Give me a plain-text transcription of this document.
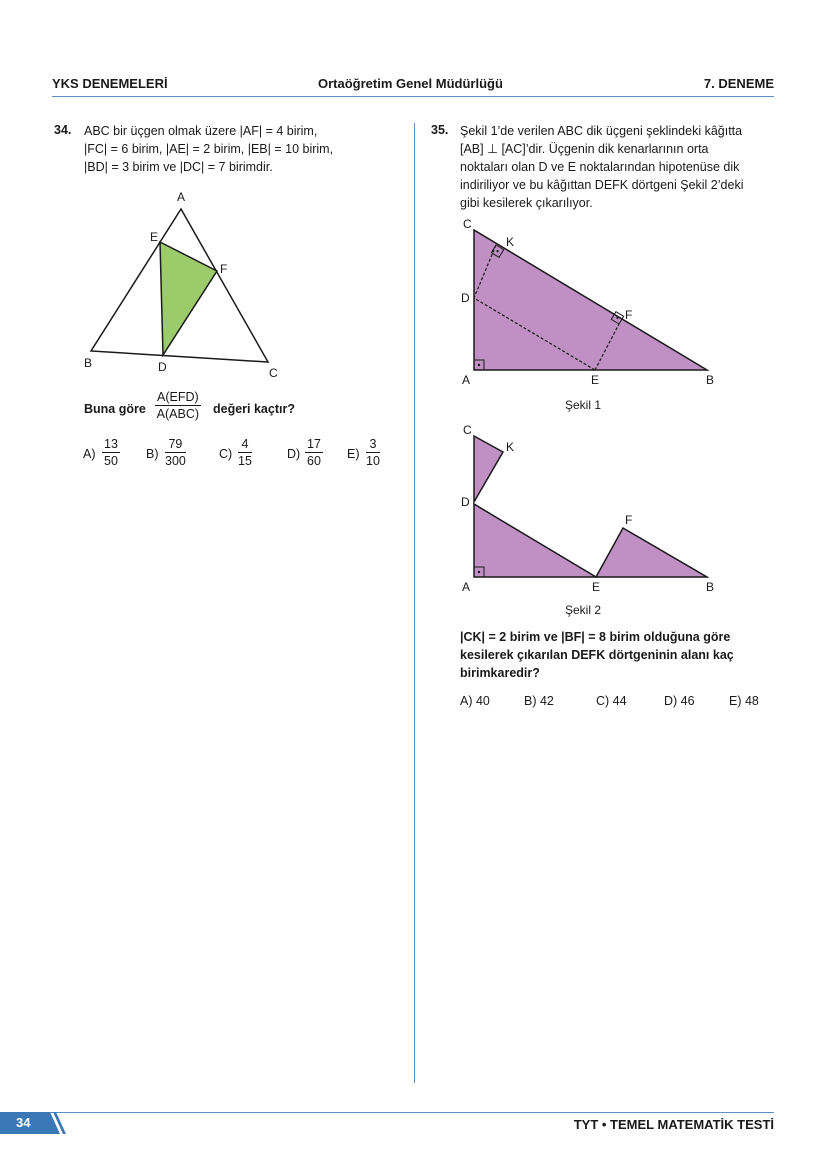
YKS DENEMELERİ	Ortaöğretim Genel Müdürlüğü	7. DENEME
34. ABC bir üçgen olmak üzere |AF| = 4 birim,
|FC| = 6 birim, |AE| = 2 birim, |EB| = 10 birim,
|BD| = 3 birim ve |DC| = 7 birimdir.
A
E
F
B	D	C
Buna göre
A(EFD)
A(ABC) değeri kaçtır?
$A) \frac{13}{50} B) \frac{79}{300}$	$C) \frac{4}{15}$	$D) \frac{17}{60} E) \frac{3}{10}$
35. Şekil 1’de verilen ABC dik üçgeni şeklindeki kâğıtta
[AB] ⊥ [AC]’dir. Üçgenin dik kenarlarının orta
noktaları olan D ve E noktalarından hipotenüse dik
indiriliyor ve bu kâğıttan DEFK dörtgeni Şekil 2’deki
gibi kesilerek çıkarılıyor.
C
K
D
F
A	E	B
Şekil 1
C
K
D
F
A	E	B
Şekil 2
|CK| = 2 birim ve |BF| = 8 birim olduğuna göre
kesilerek çıkarılan DEFK dörtgeninin alanı kaç
birimkaredir?
A) 40	B) 42	C) 44	D) 46	E) 48
34	TYT • TEMEL MATEMATİK TESTİ
